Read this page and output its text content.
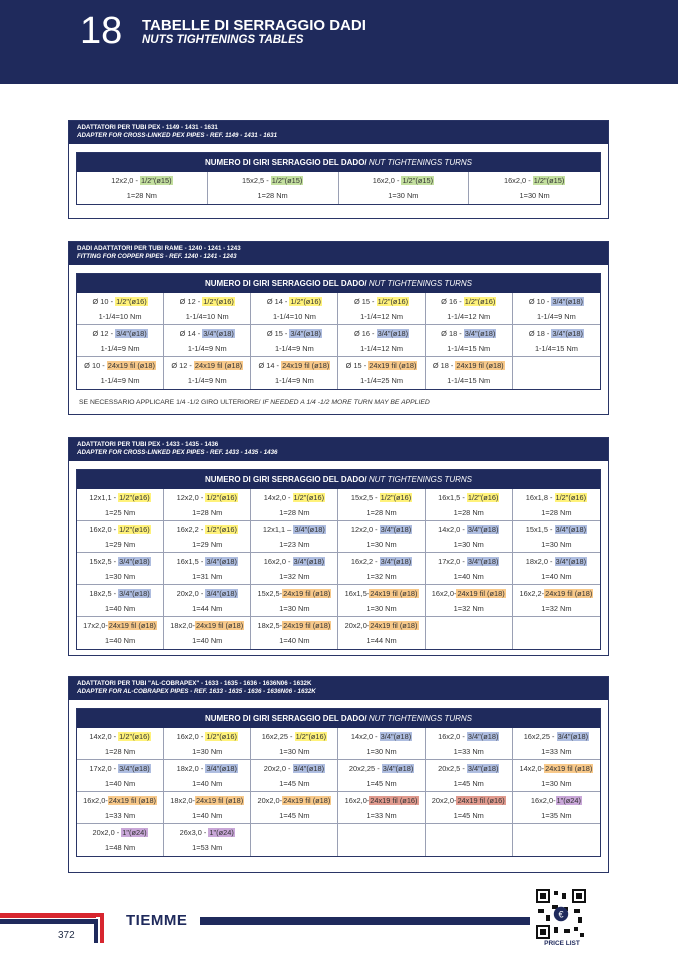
18 TABELLE DI SERRAGGIO DADI
NUTS TIGHTENINGS TABLES
ADATTATORI PER TUBI PEX - 1149 - 1431 - 1631
ADAPTER FOR CROSS-LINKED PEX PIPES - REF. 1149 - 1431 - 1631
NUMERO DI GIRI SERRAGGIO DEL DADO/ NUT TIGHTENINGS TURNS
12x2,0 - 1/2"(ø15)
1=28 Nm
15x2,5 - 1/2"(ø15)
1=28 Nm
16x2,0 - 1/2"(ø15)
1=30 Nm
16x2,0 - 1/2"(ø15)
1=30 Nm
DADI ADATTATORI PER TUBI RAME - 1240 - 1241 - 1243
FITTING FOR COPPER PIPES - REF. 1240 - 1241 - 1243
NUMERO DI GIRI SERRAGGIO DEL DADO/ NUT TIGHTENINGS TURNS
Ø 10 - 1/2"(ø16)
1-1/4=10 Nm
Ø 12 - 1/2"(ø16)
1-1/4=10 Nm
Ø 14 - 1/2"(ø16)
1-1/4=10 Nm
Ø 15 - 1/2"(ø16)
1-1/4=12 Nm
Ø 16 - 1/2"(ø16)
1-1/4=12 Nm
Ø 10 - 3/4"(ø18)
1-1/4=9 Nm
Ø 12 - 3/4"(ø18)
1-1/4=9 Nm
Ø 14 - 3/4"(ø18)
1-1/4=9 Nm
Ø 15 - 3/4"(ø18)
1-1/4=9 Nm
Ø 16 - 3/4"(ø18)
1-1/4=12 Nm
Ø 18 - 3/4"(ø18)
1-1/4=15 Nm
Ø 18 - 3/4"(ø18)
1-1/4=15 Nm
Ø 10 - 24x19 fil (ø18)
1-1/4=9 Nm
Ø 12 - 24x19 fil (ø18)
1-1/4=9 Nm
Ø 14 - 24x19 fil (ø18)
1-1/4=9 Nm
Ø 15 - 24x19 fil (ø18)
1-1/4=25 Nm
Ø 18 - 24x19 fil (ø18)
1-1/4=15 Nm
SE NECESSARIO APPLICARE 1/4 -1/2 GIRO ULTERIORE/ IF NEEDED A 1/4 -1/2 MORE TURN MAY BE APPLIED
ADATTATORI PER TUBI PEX - 1433 - 1435 - 1436
ADAPTER FOR CROSS-LINKED PEX PIPES - REF. 1433 - 1435 - 1436
NUMERO DI GIRI SERRAGGIO DEL DADO/ NUT TIGHTENINGS TURNS
12x1,1 - 1/2"(ø16)
1=25 Nm
12x2,0 - 1/2"(ø16)
1=28 Nm
14x2,0 - 1/2"(ø16)
1=28 Nm
15x2,5 - 1/2"(ø16)
1=28 Nm
16x1,5 - 1/2"(ø16)
1=28 Nm
16x1,8 - 1/2"(ø16)
1=28 Nm
16x2,0 - 1/2"(ø16)
1=29 Nm
16x2,2 - 1/2"(ø16)
1=29 Nm
12x1,1 – 3/4"(ø18)
1=23 Nm
12x2,0 - 3/4"(ø18)
1=30 Nm
14x2,0 - 3/4"(ø18)
1=30 Nm
15x1,5 - 3/4"(ø18)
1=30 Nm
15x2,5 - 3/4"(ø18)
1=30 Nm
16x1,5 - 3/4"(ø18)
1=31 Nm
16x2,0 - 3/4"(ø18)
1=32 Nm
16x2,2 - 3/4"(ø18)
1=32 Nm
17x2,0 - 3/4"(ø18)
1=40 Nm
18x2,0 - 3/4"(ø18)
1=40 Nm
18x2,5 - 3/4"(ø18)
1=40 Nm
20x2,0 - 3/4"(ø18)
1=44 Nm
15x2,5-24x19 fil (ø18)
1=30 Nm
16x1,5-24x19 fil (ø18)
1=30 Nm
16x2,0-24x19 fil (ø18)
1=32 Nm
16x2,2-24x19 fil (ø18)
1=32 Nm
17x2,0-24x19 fil (ø18)
1=40 Nm
18x2,0-24x19 fil (ø18)
1=40 Nm
18x2,5-24x19 fil (ø18)
1=40 Nm
20x2,0-24x19 fil (ø18)
1=44 Nm
ADATTATORI PER TUBI "AL-COBRAPEX" - 1633 - 1635 - 1636 - 1636N06 - 1632K
ADAPTER FOR AL-COBRAPEX PIPES - REF. 1633 - 1635 - 1636 - 1636N06 - 1632K
NUMERO DI GIRI SERRAGGIO DEL DADO/ NUT TIGHTENINGS TURNS
14x2,0 - 1/2"(ø16)
1=28 Nm
16x2,0 - 1/2"(ø16)
1=30 Nm
16x2,25 - 1/2"(ø16)
1=30 Nm
14x2,0 - 3/4"(ø18)
1=30 Nm
16x2,0 - 3/4"(ø18)
1=33 Nm
16x2,25 - 3/4"(ø18)
1=33 Nm
17x2,0 - 3/4"(ø18)
1=40 Nm
18x2,0 - 3/4"(ø18)
1=40 Nm
20x2,0 - 3/4"(ø18)
1=45 Nm
20x2,25 - 3/4"(ø18)
1=45 Nm
20x2,5 - 3/4"(ø18)
1=45 Nm
14x2,0-24x19 fil (ø18)
1=30 Nm
16x2,0-24x19 fil (ø18)
1=33 Nm
18x2,0-24x19 fil (ø18)
1=40 Nm
20x2,0-24x19 fil (ø18)
1=45 Nm
16x2,0-24x19 fil (ø16)
1=33 Nm
20x2,0-24x19 fil (ø16)
1=45 Nm
16x2,0-1"(ø24)
1=35 Nm
20x2,0 - 1"(ø24)
1=48 Nm
26x3,0 - 1"(ø24)
1=53 Nm
TIEMME
372
€
PRICE LIST
